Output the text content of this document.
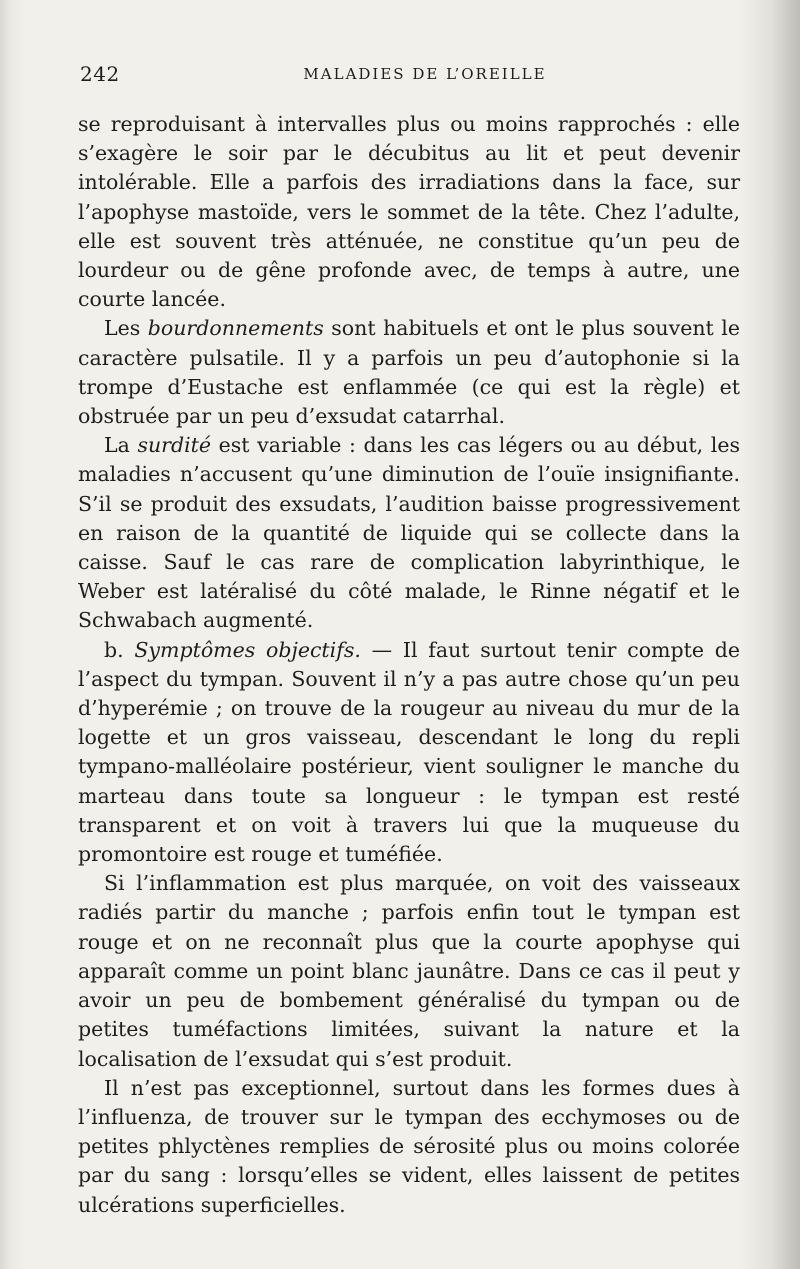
242	MALADIES DE L’OREILLE

se reproduisant à intervalles plus ou moins rapprochés : elle s’exagère le soir par le décubitus au lit et peut devenir intolérable. Elle a parfois des irradiations dans la face, sur l’apophyse mastoïde, vers le sommet de la tête. Chez l’adulte, elle est souvent très atténuée, ne constitue qu’un peu de lourdeur ou de gêne profonde avec, de temps à autre, une courte lancée.

Les bourdonnements sont habituels et ont le plus souvent le caractère pulsatile. Il y a parfois un peu d’autophonie si la trompe d’Eustache est enflammée (ce qui est la règle) et obstruée par un peu d’exsudat catarrhal.

La surdité est variable : dans les cas légers ou au début, les maladies n’accusent qu’une diminution de l’ouïe insignifiante. S’il se produit des exsudats, l’audition baisse progressivement en raison de la quantité de liquide qui se collecte dans la caisse. Sauf le cas rare de complication labyrinthique, le Weber est latéralisé du côté malade, le Rinne négatif et le Schwabach augmenté.

b. Symptômes objectifs. — Il faut surtout tenir compte de l’aspect du tympan. Souvent il n’y a pas autre chose qu’un peu d’hyperémie ; on trouve de la rougeur au niveau du mur de la logette et un gros vaisseau, descendant le long du repli tympano-malléolaire postérieur, vient souligner le manche du marteau dans toute sa longueur : le tympan est resté transparent et on voit à travers lui que la muqueuse du promontoire est rouge et tuméfiée.

Si l’inflammation est plus marquée, on voit des vaisseaux radiés partir du manche ; parfois enfin tout le tympan est rouge et on ne reconnaît plus que la courte apophyse qui apparaît comme un point blanc jaunâtre. Dans ce cas il peut y avoir un peu de bombement généralisé du tympan ou de petites tuméfactions limitées, suivant la nature et la localisation de l’exsudat qui s’est produit.

Il n’est pas exceptionnel, surtout dans les formes dues à l’influenza, de trouver sur le tympan des ecchymoses ou de petites phlyctènes remplies de sérosité plus ou moins colorée par du sang : lorsqu’elles se vident, elles laissent de petites ulcérations superficielles.
